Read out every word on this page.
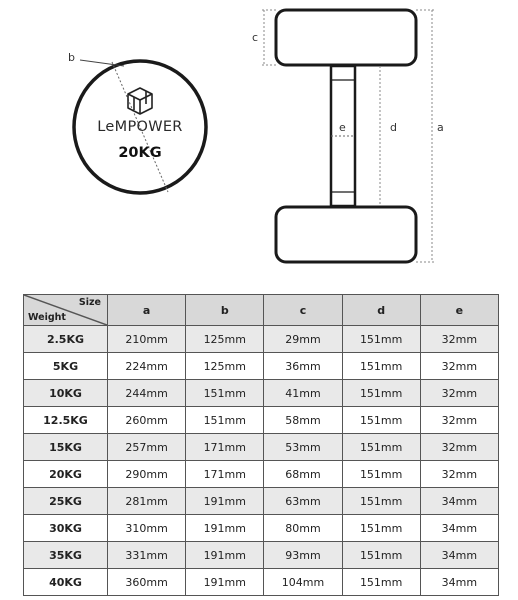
b
LeMPOWER
20KG
c
e	d	a
Size
Weight	a	b	c	d	e
2.5KG	210mm	125mm	29mm	151mm	32mm
5KG	224mm	125mm	36mm	151mm	32mm
10KG	244mm	151mm	41mm	151mm	32mm
12.5KG	260mm	151mm	58mm	151mm	32mm
15KG	257mm	171mm	53mm	151mm	32mm
20KG	290mm	171mm	68mm	151mm	32mm
25KG	281mm	191mm	63mm	151mm	34mm
30KG	310mm	191mm	80mm	151mm	34mm
35KG	331mm	191mm	93mm	151mm	34mm
40KG	360mm	191mm	104mm	151mm	34mm
